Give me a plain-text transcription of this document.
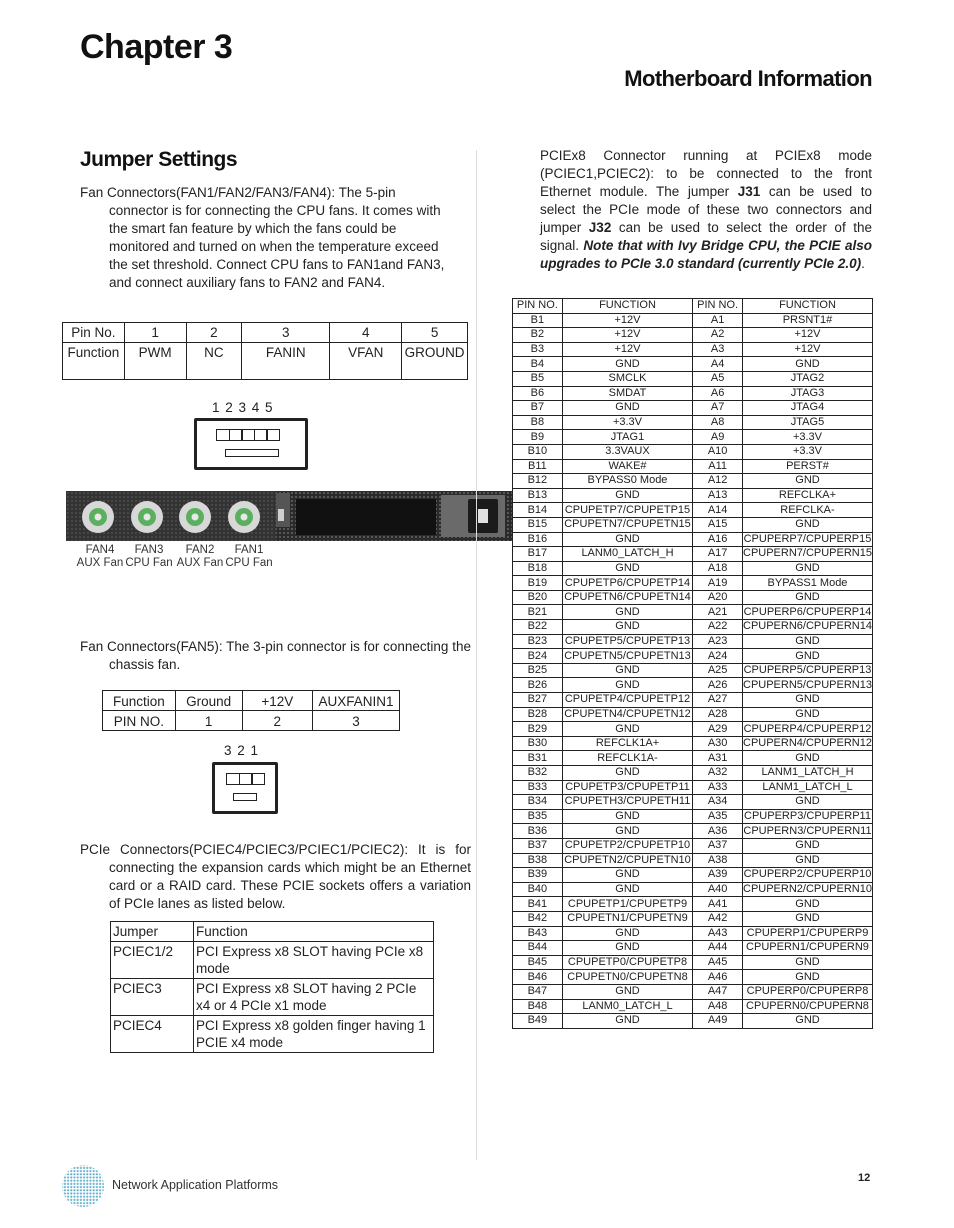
Chapter 3
Motherboard Information
Jumper Settings
Fan Connectors(FAN1/FAN2/FAN3/FAN4): The 5-pin connector is for connecting the CPU fans. It comes with the smart fan feature by which the fans could be monitored and turned on when the temperature exceed the set threshold. Connect CPU fans to FAN1and FAN3, and connect auxiliary fans to FAN2 and FAN4.
Pin No.	1	2	3	4	5
Function	PWM	NC	FANIN	VFAN	GROUND
1 2 3 4 5
FAN4
AUX Fan
FAN3
CPU Fan
FAN2
AUX Fan
FAN1
CPU Fan
Fan Connectors(FAN5): The 3-pin connector is for connecting the chassis fan.
Function	Ground	+12V	AUXFANIN1
PIN NO.	1	2	3
3 2 1
PCIe Connectors(PCIEC4/PCIEC3/PCIEC1/PCIEC2): It is for connecting the expansion cards which might be an Ethernet card or a RAID card. These PCIE sockets offers a variation of PCIe lanes as listed below.
Jumper	Function
PCIEC1/2	PCI Express x8 SLOT having PCIe x8 mode
PCIEC3	PCI Express x8 SLOT having 2 PCIe x4 or 4 PCIe x1 mode
PCIEC4	PCI Express x8 golden finger having 1 PCIE x4 mode
PCIEx8 Connector running at PCIEx8 mode (PCIEC1,PCIEC2): to be connected to the front Ethernet module. The jumper J31 can be used to select the PCIe mode of these two connectors and jumper J32 can be used to select the order of the signal. Note that with Ivy Bridge CPU, the PCIE also upgrades to PCIe 3.0 standard (currently PCIe 2.0).
PIN NO.	FUNCTION	PIN NO.	FUNCTION
B1	+12V	A1	PRSNT1#
B2	+12V	A2	+12V
B3	+12V	A3	+12V
B4	GND	A4	GND
B5	SMCLK	A5	JTAG2
B6	SMDAT	A6	JTAG3
B7	GND	A7	JTAG4
B8	+3.3V	A8	JTAG5
B9	JTAG1	A9	+3.3V
B10	3.3VAUX	A10	+3.3V
B11	WAKE#	A11	PERST#
B12	BYPASS0 Mode	A12	GND
B13	GND	A13	REFCLKA+
B14	CPUPETP7/CPUPETP15	A14	REFCLKA-
B15	CPUPETN7/CPUPETN15	A15	GND
B16	GND	A16	CPUPERP7/CPUPERP15
B17	LANM0_LATCH_H	A17	CPUPERN7/CPUPERN15
B18	GND	A18	GND
B19	CPUPETP6/CPUPETP14	A19	BYPASS1 Mode
B20	CPUPETN6/CPUPETN14	A20	GND
B21	GND	A21	CPUPERP6/CPUPERP14
B22	GND	A22	CPUPERN6/CPUPERN14
B23	CPUPETP5/CPUPETP13	A23	GND
B24	CPUPETN5/CPUPETN13	A24	GND
B25	GND	A25	CPUPERP5/CPUPERP13
B26	GND	A26	CPUPERN5/CPUPERN13
B27	CPUPETP4/CPUPETP12	A27	GND
B28	CPUPETN4/CPUPETN12	A28	GND
B29	GND	A29	CPUPERP4/CPUPERP12
B30	REFCLK1A+	A30	CPUPERN4/CPUPERN12
B31	REFCLK1A-	A31	GND
B32	GND	A32	LANM1_LATCH_H
B33	CPUPETP3/CPUPETP11	A33	LANM1_LATCH_L
B34	CPUPETH3/CPUPETH11	A34	GND
B35	GND	A35	CPUPERP3/CPUPERP11
B36	GND	A36	CPUPERN3/CPUPERN11
B37	CPUPETP2/CPUPETP10	A37	GND
B38	CPUPETN2/CPUPETN10	A38	GND
B39	GND	A39	CPUPERP2/CPUPERP10
B40	GND	A40	CPUPERN2/CPUPERN10
B41	CPUPETP1/CPUPETP9	A41	GND
B42	CPUPETN1/CPUPETN9	A42	GND
B43	GND	A43	CPUPERP1/CPUPERP9
B44	GND	A44	CPUPERN1/CPUPERN9
B45	CPUPETP0/CPUPETP8	A45	GND
B46	CPUPETN0/CPUPETN8	A46	GND
B47	GND	A47	CPUPERP0/CPUPERP8
B48	LANM0_LATCH_L	A48	CPUPERN0/CPUPERN8
B49	GND	A49	GND
Network Application Platforms	12
